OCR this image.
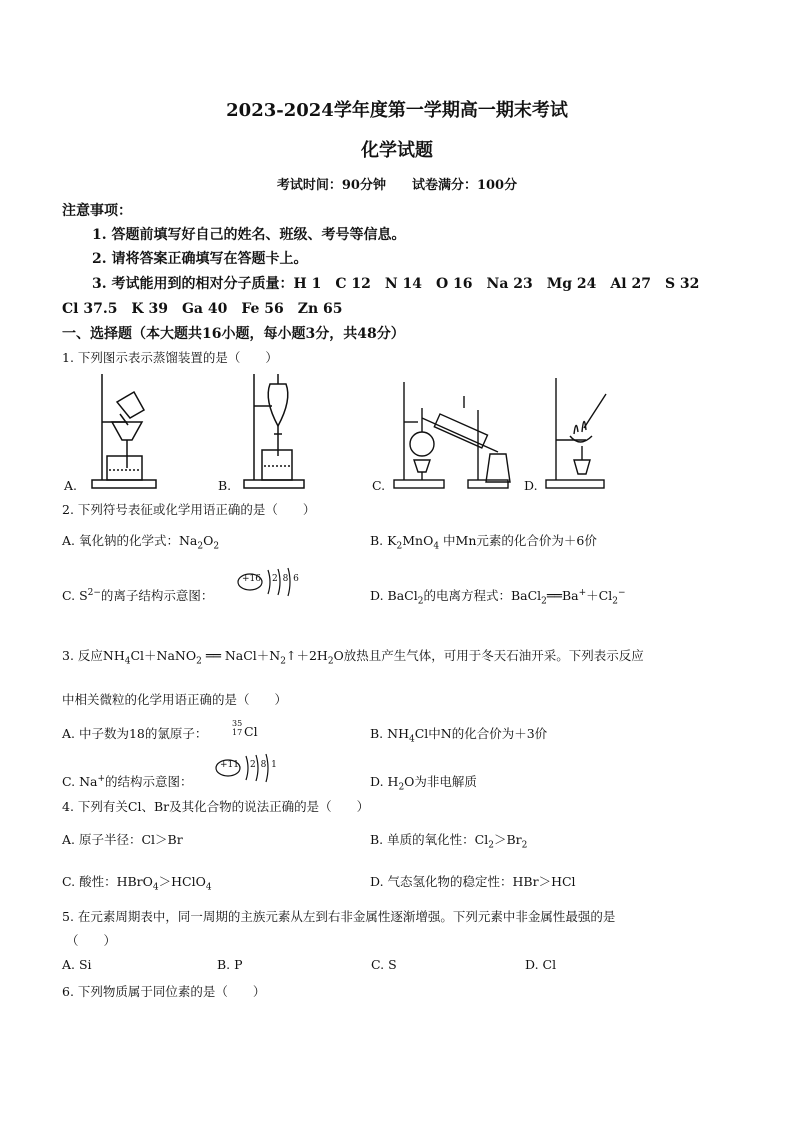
2023-2024学年度第一学期高一期末考试
化学试题
考试时间：90分钟　　试卷满分：100分
注意事项：
1. 答题前填写好自己的姓名、班级、考号等信息。
2. 请将答案正确填写在答题卡上。
3. 考试能用到的相对分子质量：H 1　C 12　N 14　O 16　Na 23　Mg 24　Al 27　S 32
Cl 37.5　K 39　Ga 40　Fe 56　Zn 65
一、选择题（本大题共16小题，每小题3分，共48分）
1. 下列图示表示蒸馏装置的是（　　）
A.	B.	C.	D.
2. 下列符号表征或化学用语正确的是（　　）
A. 氧化钠的化学式：$Na_2O_2$	B. $K_2MnO_4$ 中Mn元素的化合价为＋6价
C. $S^{2-}$的离子结构示意图：
+16 2 8 6
D. BaCl$_2$的电离方程式：$BaCl_2══Ba^++Cl_2^-$
3. 反应$NH_4Cl+NaNO_2$ ══ $NaCl+N_2↑+2H_2O$放热且产生气体，可用于冬天石油开采。下列表示反应
中相关微粒的化学用语正确的是（　　）
A. 中子数为18的氯原子：
35
17 Cl	B. $NH_4Cl$中N的化合价为＋3价
C. Na+的结构示意图：
+11 2 8 1
D. $H_2O$为非电解质
4. 下列有关Cl、Br及其化合物的说法正确的是（　　）
A. 原子半径：Cl＞Br	B. 单质的氧化性：$Cl_2>Br_2$
C. 酸性：HBrO$_4$＞HClO$_4$	D. 气态氢化物的稳定性：HBr＞HCl
5. 在元素周期表中，同一周期的主族元素从左到右非金属性逐渐增强。下列元素中非金属性最强的是
（　　）
A. Si	B. P	C. S	D. Cl
6. 下列物质属于同位素的是（　　）
